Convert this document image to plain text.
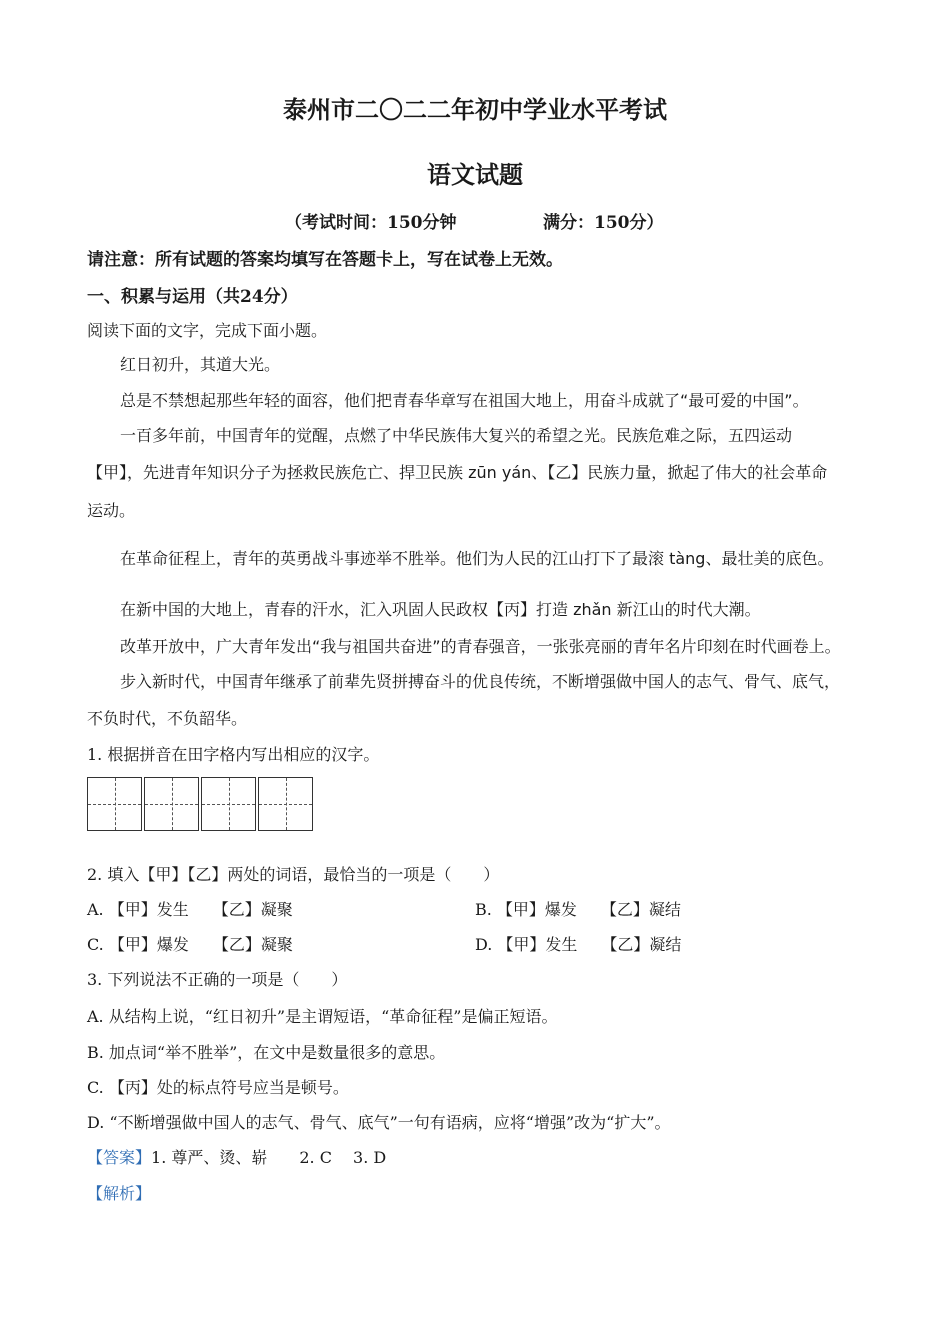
泰州市二〇二二年初中学业水平考试
语文试题
（考试时间：150分钟	满分：150分）
请注意：所有试题的答案均填写在答题卡上，写在试卷上无效。
一、积累与运用（共24分）
阅读下面的文字，完成下面小题。
红日初升，其道大光。
总是不禁想起那些年轻的面容，他们把青春华章写在祖国大地上，用奋斗成就了“最可爱的中国”。
一百多年前，中国青年的觉醒，点燃了中华民族伟大复兴的希望之光。民族危难之际，五四运动
【甲】，先进青年知识分子为拯救民族危亡、捍卫民族 zūn yán、【乙】民族力量，掀起了伟大的社会革命
运动。
在革命征程上，青年的英勇战斗事迹举不胜举。他们为人民的江山打下了最滚 tàng、最壮美的底色。
在新中国的大地上，青春的汗水，汇入巩固人民政权【丙】打造 zhǎn 新江山的时代大潮。
改革开放中，广大青年发出“我与祖国共奋进”的青春强音，一张张亮丽的青年名片印刻在时代画卷上。
步入新时代，中国青年继承了前辈先贤拼搏奋斗的优良传统，不断增强做中国人的志气、骨气、底气，
不负时代，不负韶华。
1. 根据拼音在田字格内写出相应的汉字。
2. 填入【甲】【乙】两处的词语，最恰当的一项是（　　）
A. 【甲】发生　　【乙】凝聚	B. 【甲】爆发　　【乙】凝结
C. 【甲】爆发　　【乙】凝聚	D. 【甲】发生　　【乙】凝结
3. 下列说法不正确的一项是（　　）
A. 从结构上说，“红日初升”是主谓短语，“革命征程”是偏正短语。
B. 加点词“举不胜举”，在文中是数量很多的意思。
C. 【丙】处的标点符号应当是顿号。
D. “不断增强做中国人的志气、骨气、底气”一句有语病，应将“增强”改为“扩大”。
【答案】1. 尊严、烫、崭　　2. C　 3. D
【解析】
